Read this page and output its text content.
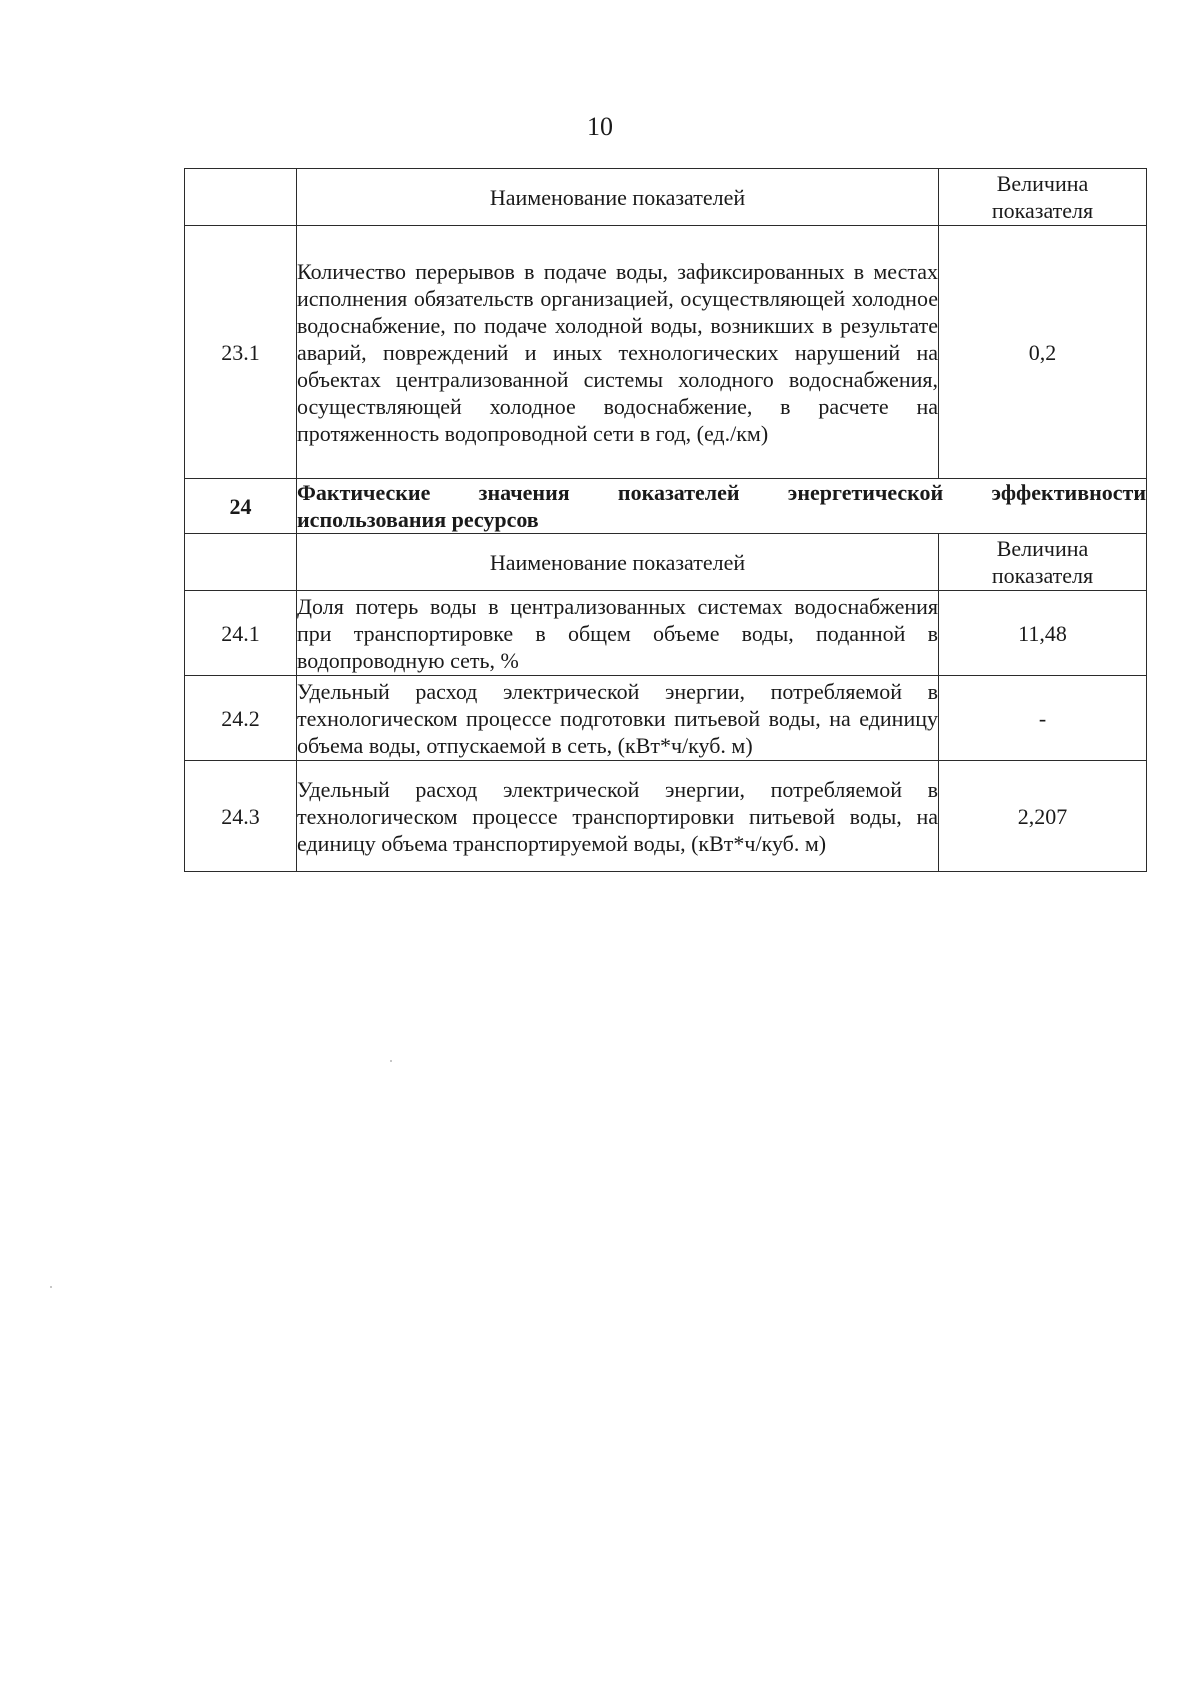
10
	Наименование показателей	Величина
показателя

23.1	Количество перерывов в подаче воды, зафиксированных в местах исполнения обязательств организацией, осуществляющей холодное водоснабжение, по подаче холодной воды, возникших в результате аварий, повреждений и иных технологических нарушений на объектах централизованной системы холодного водоснабжения, осуществляющей холодное водоснабжение, в расчете на протяженность водопроводной сети в год, (ед./км)	0,2
24	Фактические значения показателей энергетической эффективности
использования ресурсов	
	Наименование показателей	Величина
показателя

24.1	Доля потерь воды в централизованных системах водоснабжения при транспортировке в общем объеме воды, поданной в водопроводную сеть, %	11,48
24.2	Удельный расход электрической энергии, потребляемой в технологическом процессе подготовки питьевой воды, на единицу объема воды, отпускаемой в сеть, (кВт*ч/куб. м)	-
24.3	Удельный расход электрической энергии, потребляемой в технологическом процессе транспортировки питьевой воды, на единицу объема транспортируемой воды, (кВт*ч/куб. м)	2,207
